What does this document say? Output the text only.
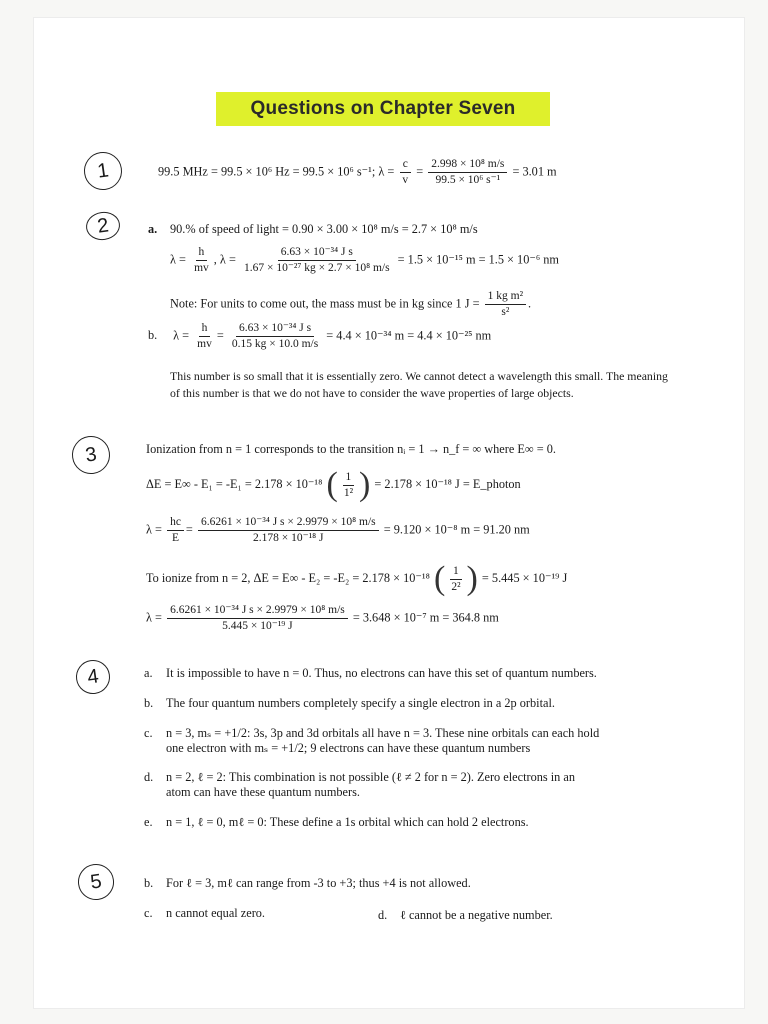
Questions on Chapter Seven
1
2
3
4
5
99.5 MHz = 99.5 × 10⁶ Hz = 99.5 × 10⁶ s⁻¹; $\lambda = \frac{c}{v} = \frac{\text{2.998 × 10⁸ m/s}}{\text{99.5 × 10⁶ s⁻¹}} = 3.01$ m
a. 90.% of speed of light = 0.90 × 3.00 × 10⁸ m/s = 2.7 × 10⁸ m/s
$\lambda = \frac{h}{mv}$ , $\lambda = \frac{\text{6.63 × 10⁻³⁴ J s}}{\text{1.67 × 10⁻²⁷ kg × 2.7 × 10⁸ m/s}} = 1.5 \times 10^{-15}$ m = 1.5 × 10⁻⁶ nm
Note: For units to come out, the mass must be in kg since 1 $J = \frac{\text{1 kg m²}}{\text{s²}}$ .
b. $\lambda = \frac{h}{mv} = \frac{\text{6.63 × 10⁻³⁴ J s}}{0.15 kg \times 10.0 m/s} = 4.4 \times 10^{-34}$ m = 4.4 × 10⁻²⁵ nm
This number is so small that it is essentially zero. We cannot detect a wavelength this small. The meaning of this number is that we do not have to consider the wave properties of large objects.
Ionization from n = 1 corresponds to the transition nᵢ = 1 → n_f = ∞ where E∞ = 0.
ΔE = E∞ - E₁ = -E₁ = 2.178 × 10⁻¹⁸ ( $\frac{1}{\text{1²}}$ ) = 2.178 × 10⁻¹⁸ J = E_photon
$\lambda = \frac{hc}{E} = \frac{\text{6.6261 × 10⁻³⁴ J s × 2.9979 × 10⁸ m/s}}{\text{2.178 × 10⁻¹⁸ J}} = 9.120 \times 10^{-8}$ m = 91.20 nm
To ionize from n = 2, ΔE = E∞ - E₂ = -E₂ = 2.178 × 10⁻¹⁸ ( $\frac{1}{\text{2²}}$ ) = 5.445 × 10⁻¹⁹ J
$\lambda = \frac{\text{6.6261 × 10⁻³⁴ J s × 2.9979 × 10⁸ m/s}}{\text{5.445 × 10⁻¹⁹ J}} = 3.648 \times 10^{-7}$ m = 364.8 nm
a. It is impossible to have n = 0. Thus, no electrons can have this set of quantum numbers.
b. The four quantum numbers completely specify a single electron in a 2p orbital.
c. n = 3, mₛ = +1/2: 3s, 3p and 3d orbitals all have n = 3. These nine orbitals can each hold
one electron with mₛ = +1/2; 9 electrons can have these quantum numbers
d. n = 2, ℓ = 2: This combination is not possible (ℓ ≠ 2 for n = 2). Zero electrons in an
atom can have these quantum numbers.
e. n = 1, ℓ = 0, mℓ = 0: These define a 1s orbital which can hold 2 electrons.
b. For ℓ = 3, mℓ can range from -3 to +3; thus +4 is not allowed.
c. n cannot equal zero.	d. ℓ cannot be a negative number.
